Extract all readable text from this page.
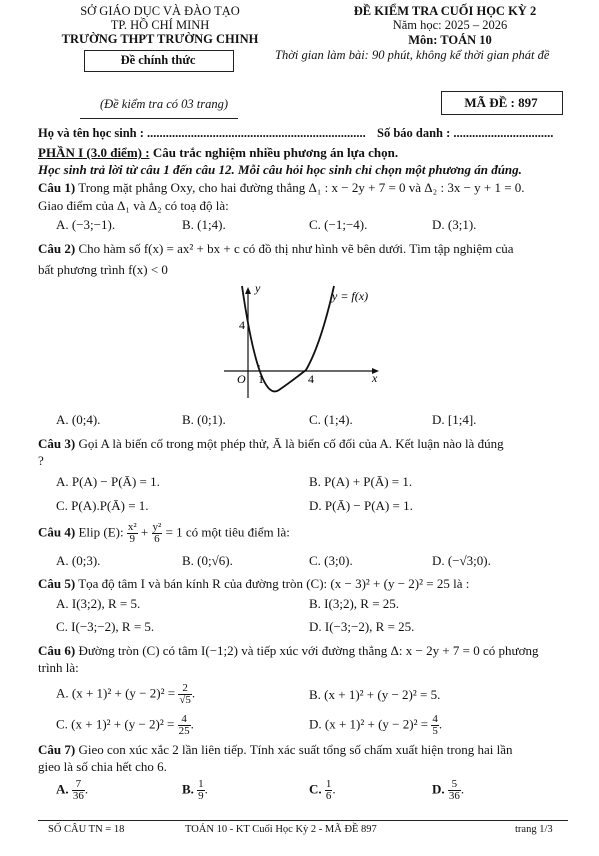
SỞ GIÁO DỤC VÀ ĐÀO TẠO
TP. HỒ CHÍ MINH
TRƯỜNG THPT TRƯỜNG CHINH
Đề chính thức
(Đề kiểm tra có 03 trang)
ĐỀ KIỂM TRA CUỐI HỌC KỲ 2
Năm học: 2025 – 2026
Môn: TOÁN 10
Thời gian làm bài: 90 phút, không kể thời gian phát đề
MÃ ĐỀ : 897
Họ và tên học sinh : ...................................................................... Số báo danh : ................................
PHẦN I (3.0 điểm) : Câu trắc nghiệm nhiều phương án lựa chọn.
Học sinh trả lời từ câu 1 đến câu 12. Mỗi câu hỏi học sinh chỉ chọn một phương án đúng.
Câu 1) Trong mặt phẳng Oxy, cho hai đường thẳng Δ₁ : x − 2y + 7 = 0 và Δ₂ : 3x − y + 1 = 0.
Giao điểm của Δ₁ và Δ₂ có toạ độ là:
A. (−3;−1).	B. (1;4).	C. (−1;−4).	D. (3;1).
Câu 2) Cho hàm số f(x) = ax² + bx + c có đồ thị như hình vẽ bên dưới. Tìm tập nghiệm của
bất phương trình f(x) < 0
4
y
x
O 1	4
y = f(x)
A. (0;4).	B. (0;1).	C. (1;4).	D. [1;4].
Câu 3) Gọi A là biến cố trong một phép thử, Ā là biến cố đối của A. Kết luận nào là đúng
?
A. P(A) − P(Ā) = 1.	B. P(A) + P(Ā) = 1.
C. P(A).P(Ā) = 1.	D. P(Ā) − P(A) = 1.
Câu 4) Elip (E): $\frac{\text{x²}}{9} + \frac{\text{y²}}{6} = 1$ có một tiêu điểm là:
A. (0;3).	B. (0;√6).	C. (3;0).	D. (−√3;0).
Câu 5) Tọa độ tâm I và bán kính R của đường tròn (C): (x − 3)² + (y − 2)² = 25 là :
A. I(3;2), R = 5.	B. I(3;2), R = 25.
C. I(−3;−2), R = 5.	D. I(−3;−2), R = 25.
Câu 6) Đường tròn (C) có tâm I(−1;2) và tiếp xúc với đường thẳng Δ: x − 2y + 7 = 0 có phương
trình là:
A. $(x + 1)^2 + (y - 2)^2 = \frac{2}{√5}$ .	B. (x + 1)² + (y − 2)² = 5.
C. $(x + 1)^2 + (y - 2)^2 = \frac{4}{25}$ .	D. $(x + 1)^2 + (y - 2)^2 = \frac{4}{5}$ .
Câu 7) Gieo con xúc xắc 2 lần liên tiếp. Tính xác suất tổng số chấm xuất hiện trong hai lần
gieo là số chia hết cho 6.
A. $\frac{7}{36}$ .	B. $\frac{1}{9}$ .	C. $\frac{1}{6}$ .	D. $\frac{5}{36}$ .
SỐ CÂU TN = 18	TOÁN 10 - KT Cuối Học Kỳ 2 - MÃ ĐỀ 897	trang 1/3
